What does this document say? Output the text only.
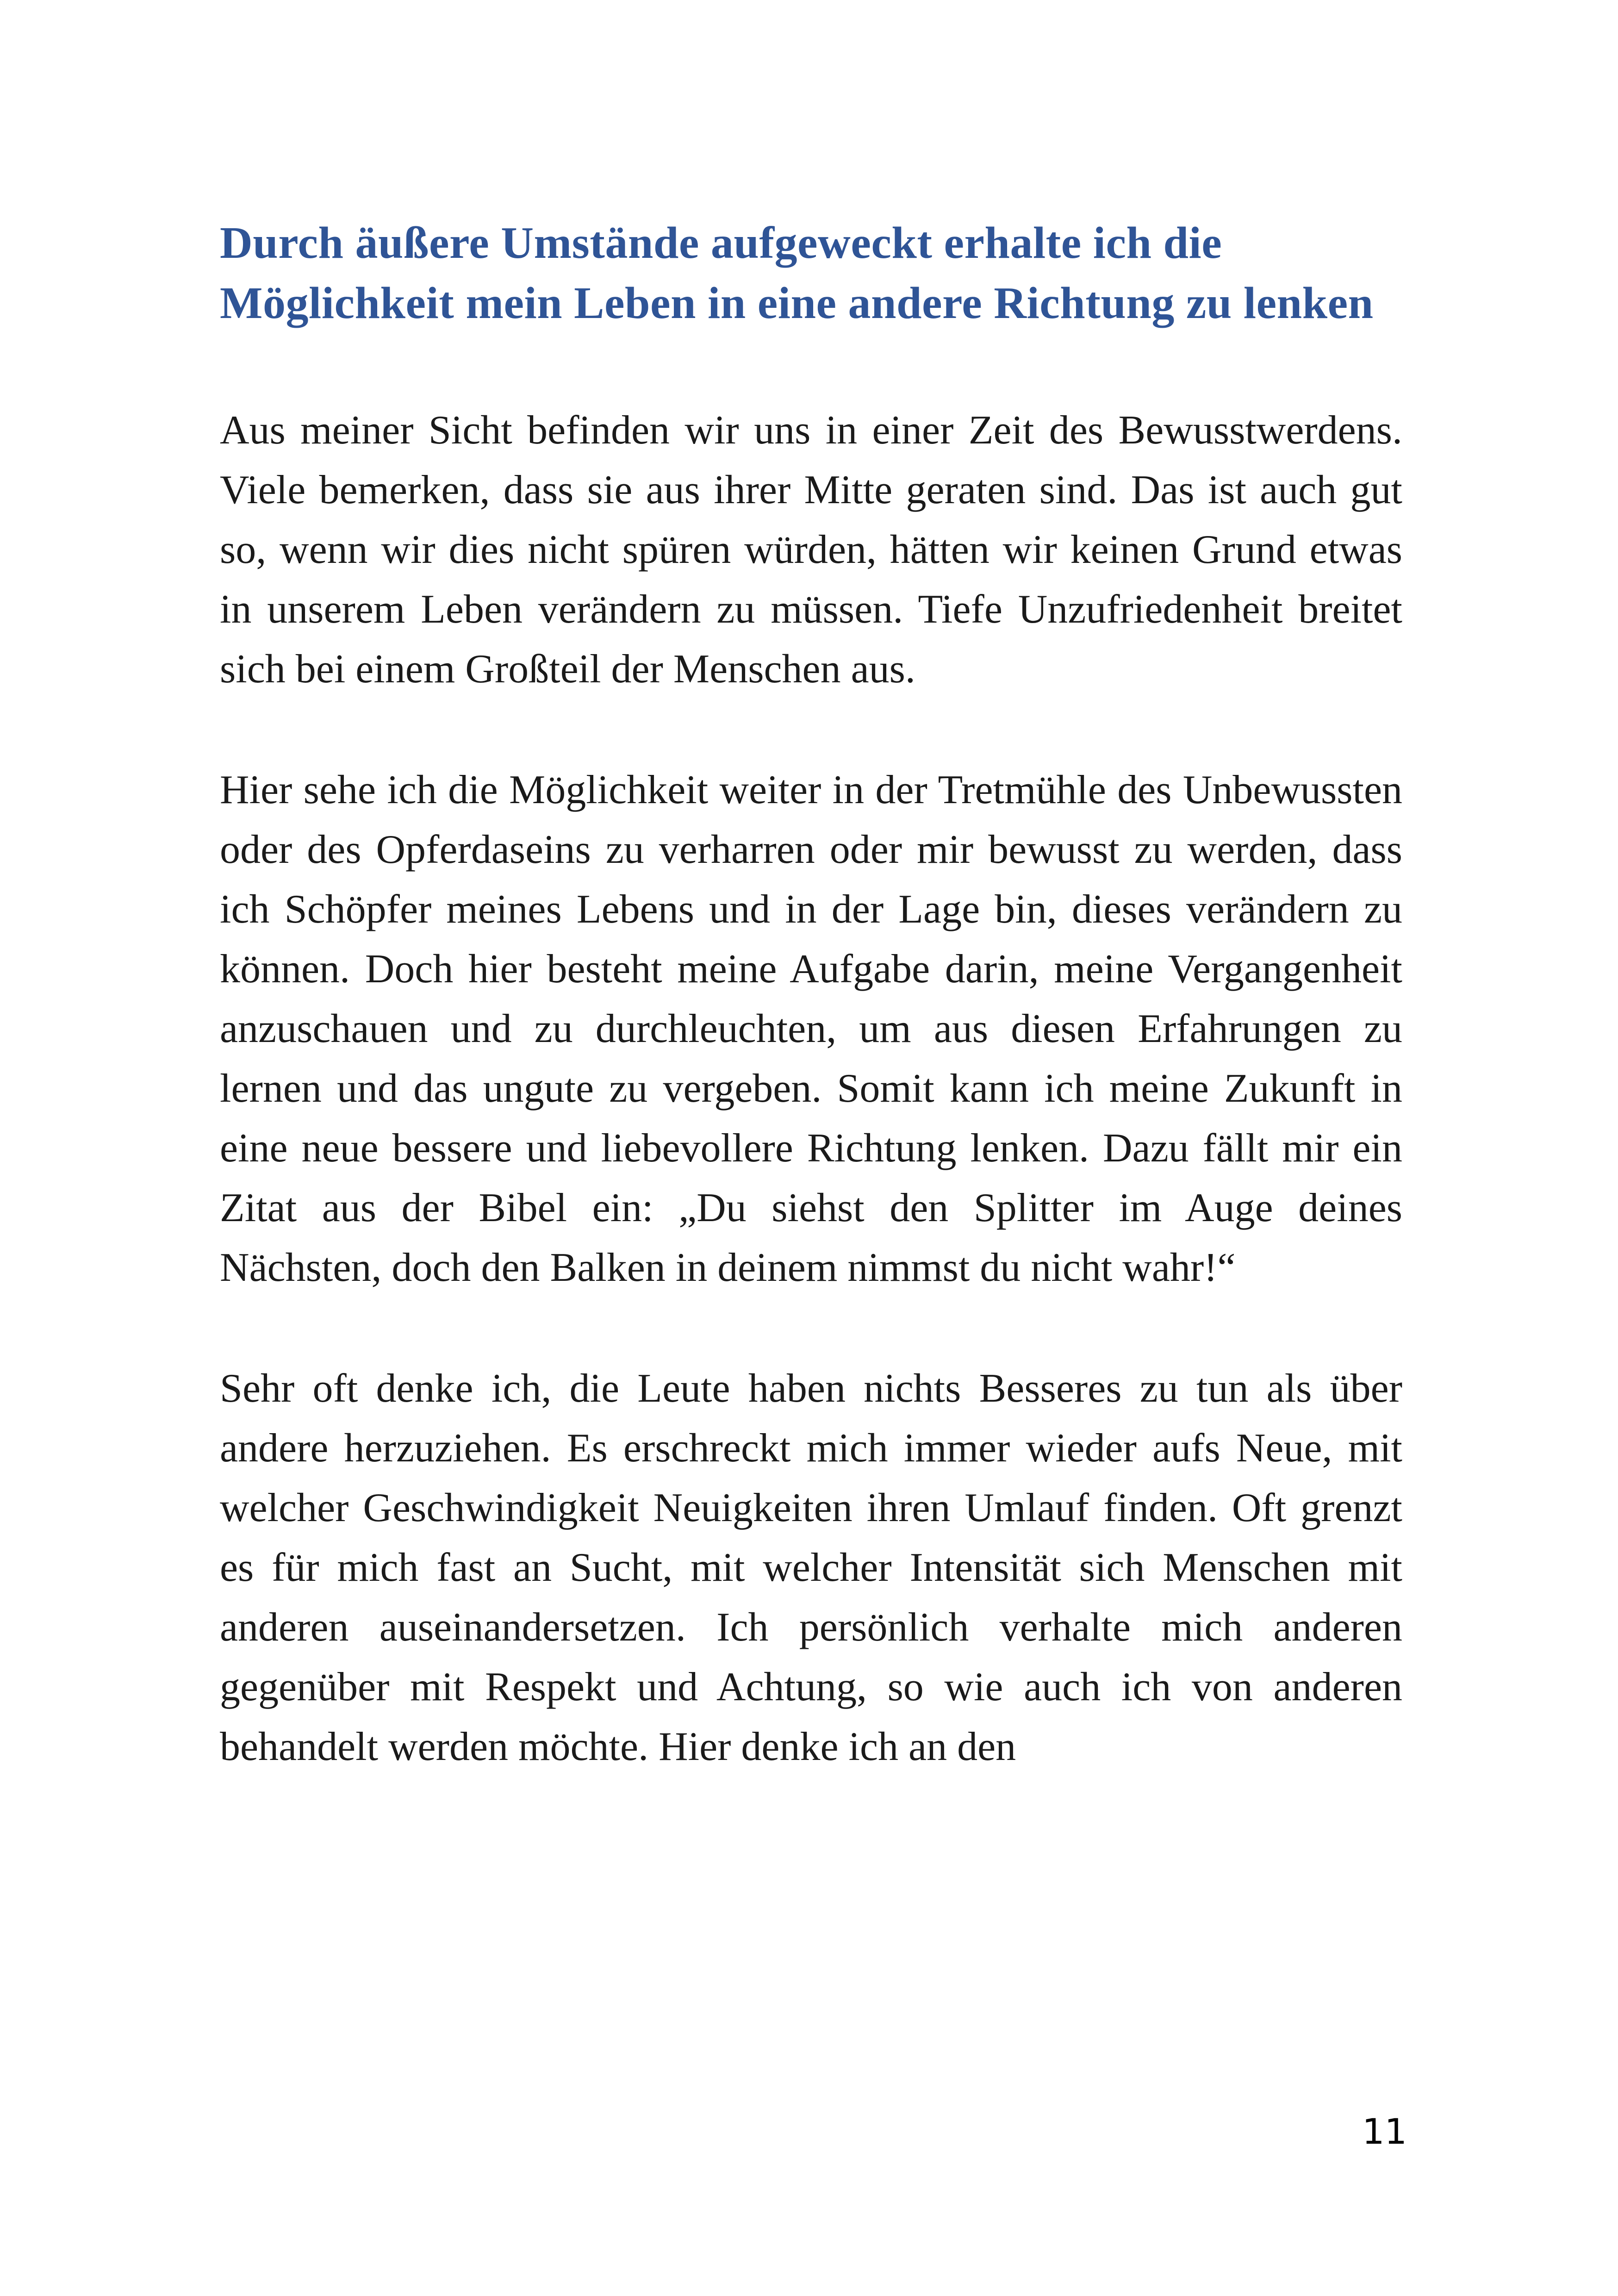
Durch äußere Umstände aufgeweckt erhalte ich die Möglichkeit mein Leben in eine andere Richtung zu lenken

Aus meiner Sicht befinden wir uns in einer Zeit des Bewusstwerdens. Viele bemerken, dass sie aus ihrer Mitte geraten sind. Das ist auch gut so, wenn wir dies nicht spüren würden, hätten wir keinen Grund etwas in unserem Leben verändern zu müssen. Tiefe Unzufriedenheit breitet sich bei einem Großteil der Menschen aus.

Hier sehe ich die Möglichkeit weiter in der Tretmühle des Unbewussten oder des Opferdaseins zu verharren oder mir bewusst zu werden, dass ich Schöpfer meines Lebens und in der Lage bin, dieses verändern zu können. Doch hier besteht meine Aufgabe darin, meine Vergangenheit anzuschauen und zu durchleuchten, um aus diesen Erfahrungen zu lernen und das ungute zu vergeben. Somit kann ich meine Zukunft in eine neue bessere und liebevollere Richtung lenken. Dazu fällt mir ein Zitat aus der Bibel ein: „Du siehst den Splitter im Auge deines Nächsten, doch den Balken in deinem nimmst du nicht wahr!“

Sehr oft denke ich, die Leute haben nichts Besseres zu tun als über andere herzuziehen. Es erschreckt mich immer wieder aufs Neue, mit welcher Geschwindigkeit Neuigkeiten ihren Umlauf finden. Oft grenzt es für mich fast an Sucht, mit welcher Intensität sich Menschen mit anderen auseinandersetzen. Ich persönlich verhalte mich anderen gegenüber mit Respekt und Achtung, so wie auch ich von anderen behandelt werden möchte. Hier denke ich an den

11
